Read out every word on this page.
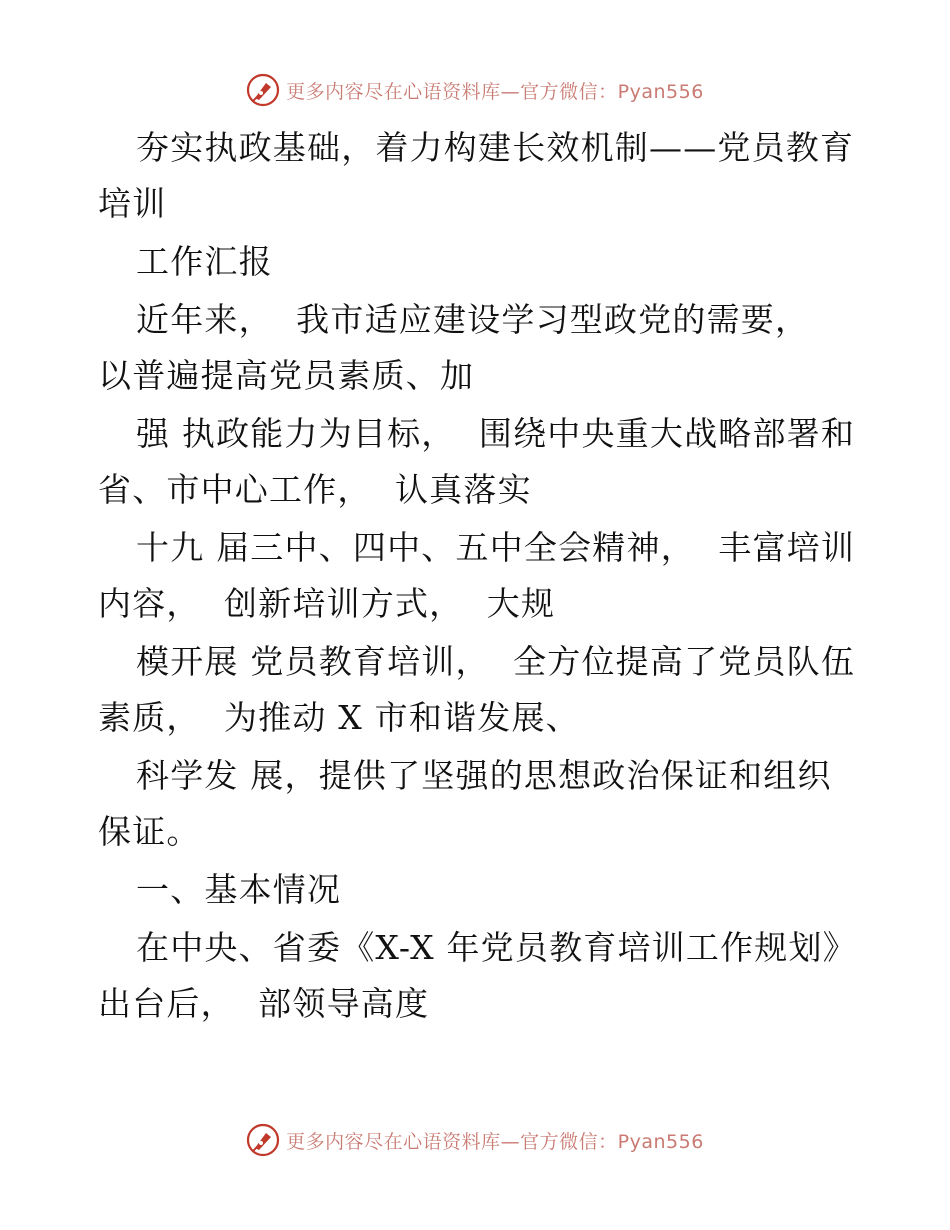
更多内容尽在心语资料库—官方微信：Pyan556

夯实执政基础，着力构建长效机制——党员教育培训

工作汇报

近年来，  我市适应建设学习型政党的需要，  以普遍提高党员素质、加

强 执政能力为目标，  围绕中央重大战略部署和省、市中心工作，  认真落实

十九 届三中、四中、五中全会精神，  丰富培训内容，  创新培训方式，  大规

模开展 党员教育培训，  全方位提高了党员队伍素质，  为推动 X 市和谐发展、

科学发 展，提供了坚强的思想政治保证和组织保证。

一、基本情况

在中央、省委《X-X 年党员教育培训工作规划》出台后，  部领导高度

更多内容尽在心语资料库—官方微信：Pyan556
